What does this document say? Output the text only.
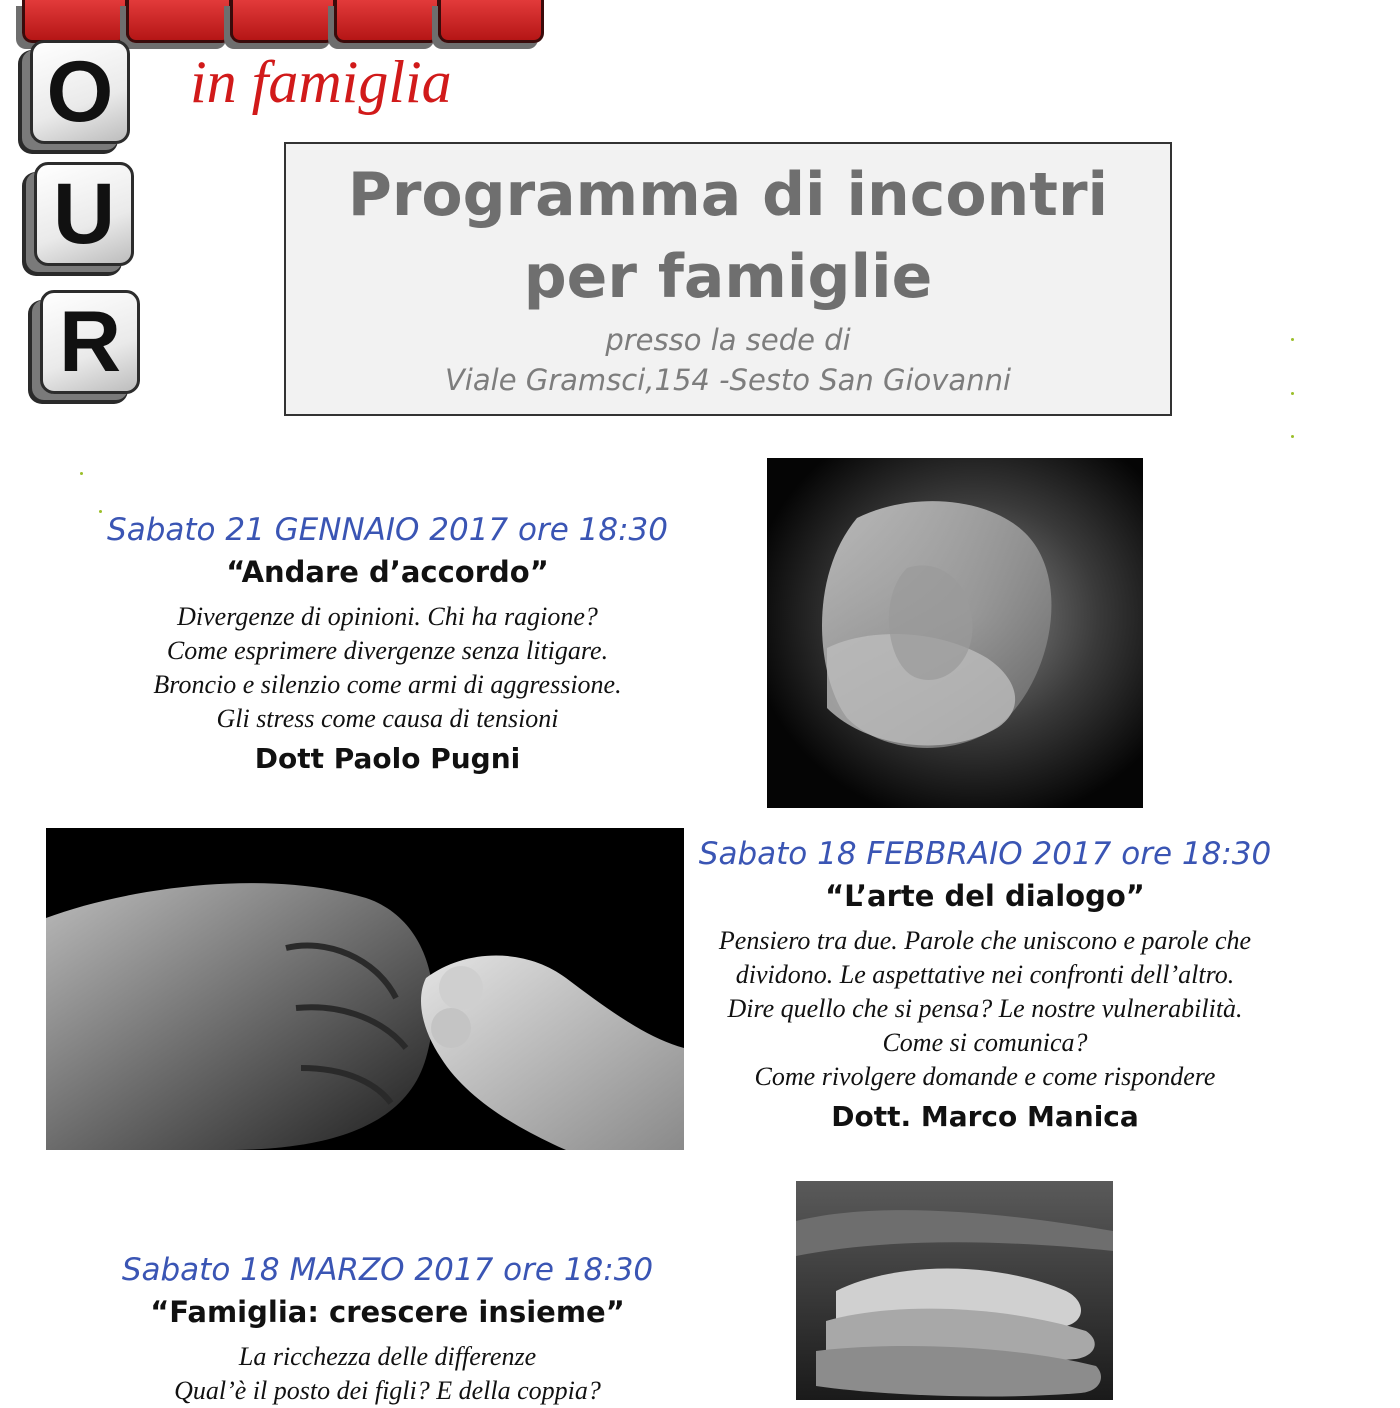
O
U
R
in famiglia
Programma di incontri
per famiglie
presso la sede di
Viale Gramsci,154 -Sesto San Giovanni
Sabato 21 GENNAIO 2017 ore 18:30
“Andare d’accordo”
Divergenze di opinioni. Chi ha ragione?
Come esprimere divergenze senza litigare.
Broncio e silenzio come armi di aggressione.
Gli stress come causa di tensioni
Dott Paolo Pugni
Sabato 18 FEBBRAIO 2017 ore 18:30
“L’arte del dialogo”
Pensiero tra due. Parole che uniscono e parole che
dividono. Le aspettative nei confronti dell’altro.
Dire quello che si pensa? Le nostre vulnerabilità.
Come si comunica?
Come rivolgere domande e come rispondere
Dott. Marco Manica
Sabato 18 MARZO 2017 ore 18:30
“Famiglia: crescere insieme”
La ricchezza delle differenze
Qual’è il posto dei figli? E della coppia?
